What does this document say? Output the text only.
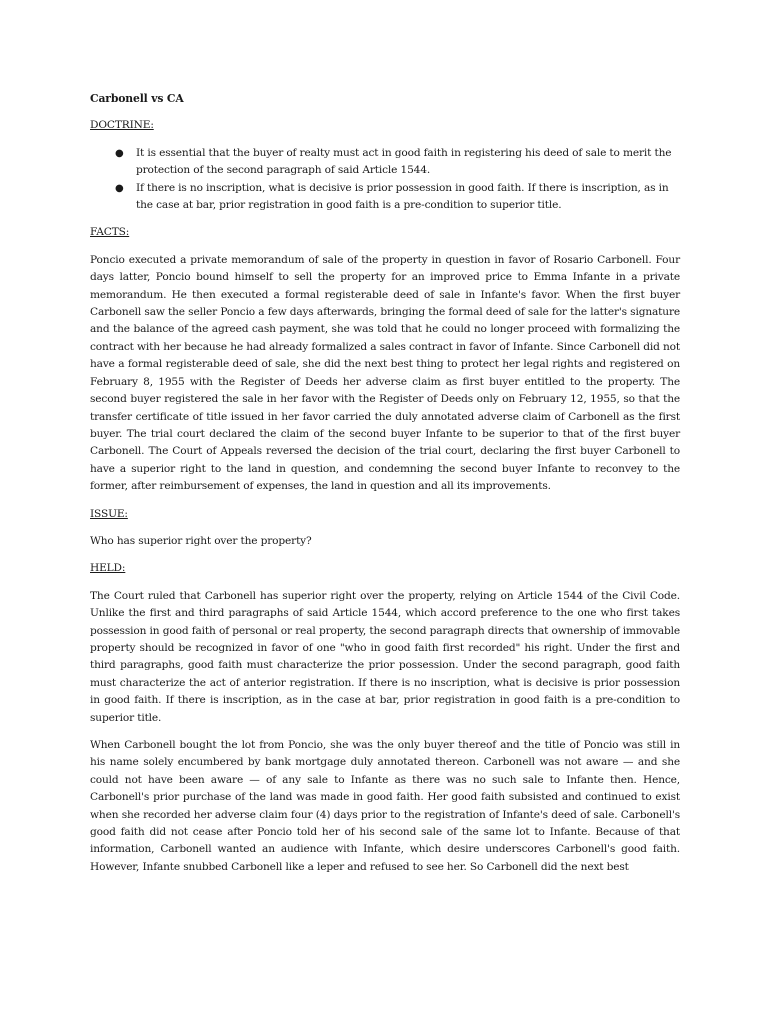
Carbonell vs CA
DOCTRINE:
● It is essential that the buyer of realty must act in good faith in registering his deed of sale to merit the protection of the second paragraph of said Article 1544.
● If there is no inscription, what is decisive is prior possession in good faith. If there is inscription, as in the case at bar, prior registration in good faith is a pre-condition to superior title.
FACTS:

Poncio executed a private memorandum of sale of the property in question in favor of Rosario Carbonell. Four days latter, Poncio bound himself to sell the property for an improved price to Emma Infante in a private memorandum. He then executed a formal registerable deed of sale in Infante's favor. When the first buyer Carbonell saw the seller Poncio a few days afterwards, bringing the formal deed of sale for the latter's signature and the balance of the agreed cash payment, she was told that he could no longer proceed with formalizing the contract with her because he had already formalized a sales contract in favor of Infante. Since Carbonell did not have a formal registerable deed of sale, she did the next best thing to protect her legal rights and registered on February 8, 1955 with the Register of Deeds her adverse claim as first buyer entitled to the property. The second buyer registered the sale in her favor with the Register of Deeds only on February 12, 1955, so that the transfer certificate of title issued in her favor carried the duly annotated adverse claim of Carbonell as the first buyer. The trial court declared the claim of the second buyer Infante to be superior to that of the first buyer Carbonell. The Court of Appeals reversed the decision of the trial court, declaring the first buyer Carbonell to have a superior right to the land in question, and condemning the second buyer Infante to reconvey to the former, after reimbursement of expenses, the land in question and all its improvements.

ISSUE:

Who has superior right over the property?

HELD:

The Court ruled that Carbonell has superior right over the property, relying on Article 1544 of the Civil Code. Unlike the first and third paragraphs of said Article 1544, which accord preference to the one who first takes possession in good faith of personal or real property, the second paragraph directs that ownership of immovable property should be recognized in favor of one "who in good faith first recorded" his right. Under the first and third paragraphs, good faith must characterize the prior possession. Under the second paragraph, good faith must characterize the act of anterior registration. If there is no inscription, what is decisive is prior possession in good faith. If there is inscription, as in the case at bar, prior registration in good faith is a pre-condition to superior title.

When Carbonell bought the lot from Poncio, she was the only buyer thereof and the title of Poncio was still in his name solely encumbered by bank mortgage duly annotated thereon. Carbonell was not aware — and she could not have been aware — of any sale to Infante as there was no such sale to Infante then. Hence, Carbonell's prior purchase of the land was made in good faith. Her good faith subsisted and continued to exist when she recorded her adverse claim four (4) days prior to the registration of Infante's deed of sale. Carbonell's good faith did not cease after Poncio told her of his second sale of the same lot to Infante. Because of that information, Carbonell wanted an audience with Infante, which desire underscores Carbonell's good faith. However, Infante snubbed Carbonell like a leper and refused to see her. So Carbonell did the next best
